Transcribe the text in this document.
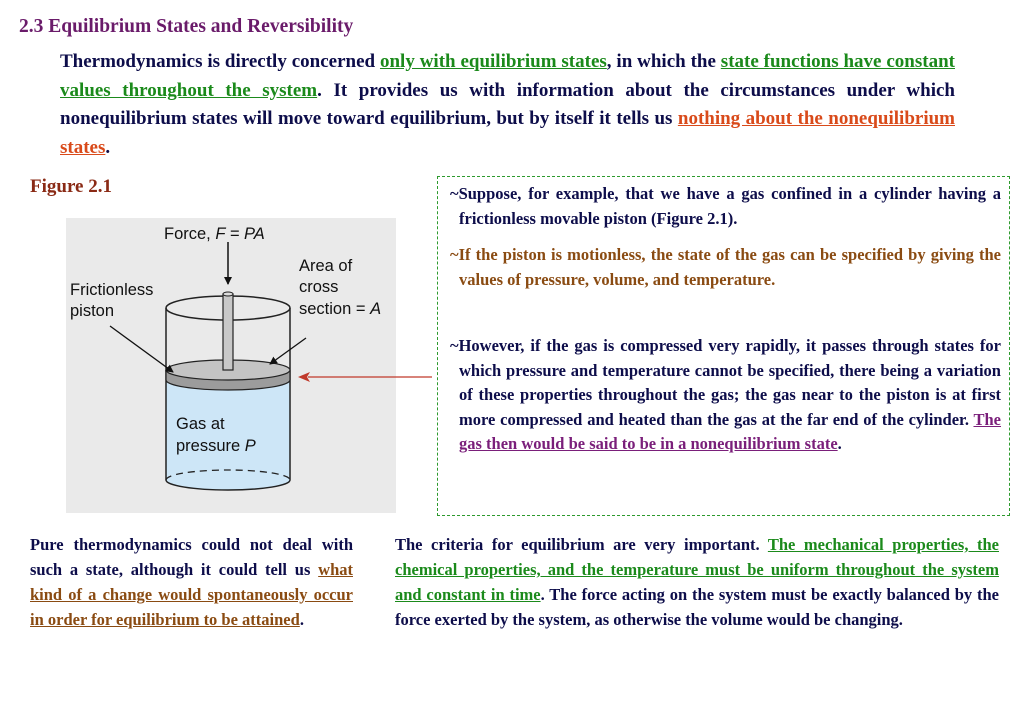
2.3 Equilibrium States and Reversibility

Thermodynamics is directly concerned only with equilibrium states, in which the state functions have constant values throughout the system. It provides us with information about the circumstances under which nonequilibrium states will move toward equilibrium, but by itself it tells us nothing about the nonequilibrium states.

Figure 2.1
Force, F = PA
Frictionless piston
Area of cross section = A
Gas at pressure P

~Suppose, for example, that we have a gas confined in a cylinder having a frictionless movable piston (Figure 2.1).

~If the piston is motionless, the state of the gas can be specified by giving the values of pressure, volume, and temperature.

~However, if the gas is compressed very rapidly, it passes through states for which pressure and temperature cannot be specified, there being a variation of these properties throughout the gas; the gas near to the piston is at first more compressed and heated than the gas at the far end of the cylinder. The gas then would be said to be in a nonequilibrium state.

Pure thermodynamics could not deal with such a state, although it could tell us what kind of a change would spontaneously occur in order for equilibrium to be attained.

The criteria for equilibrium are very important. The mechanical properties, the chemical properties, and the temperature must be uniform throughout the system and constant in time. The force acting on the system must be exactly balanced by the force exerted by the system, as otherwise the volume would be changing.
